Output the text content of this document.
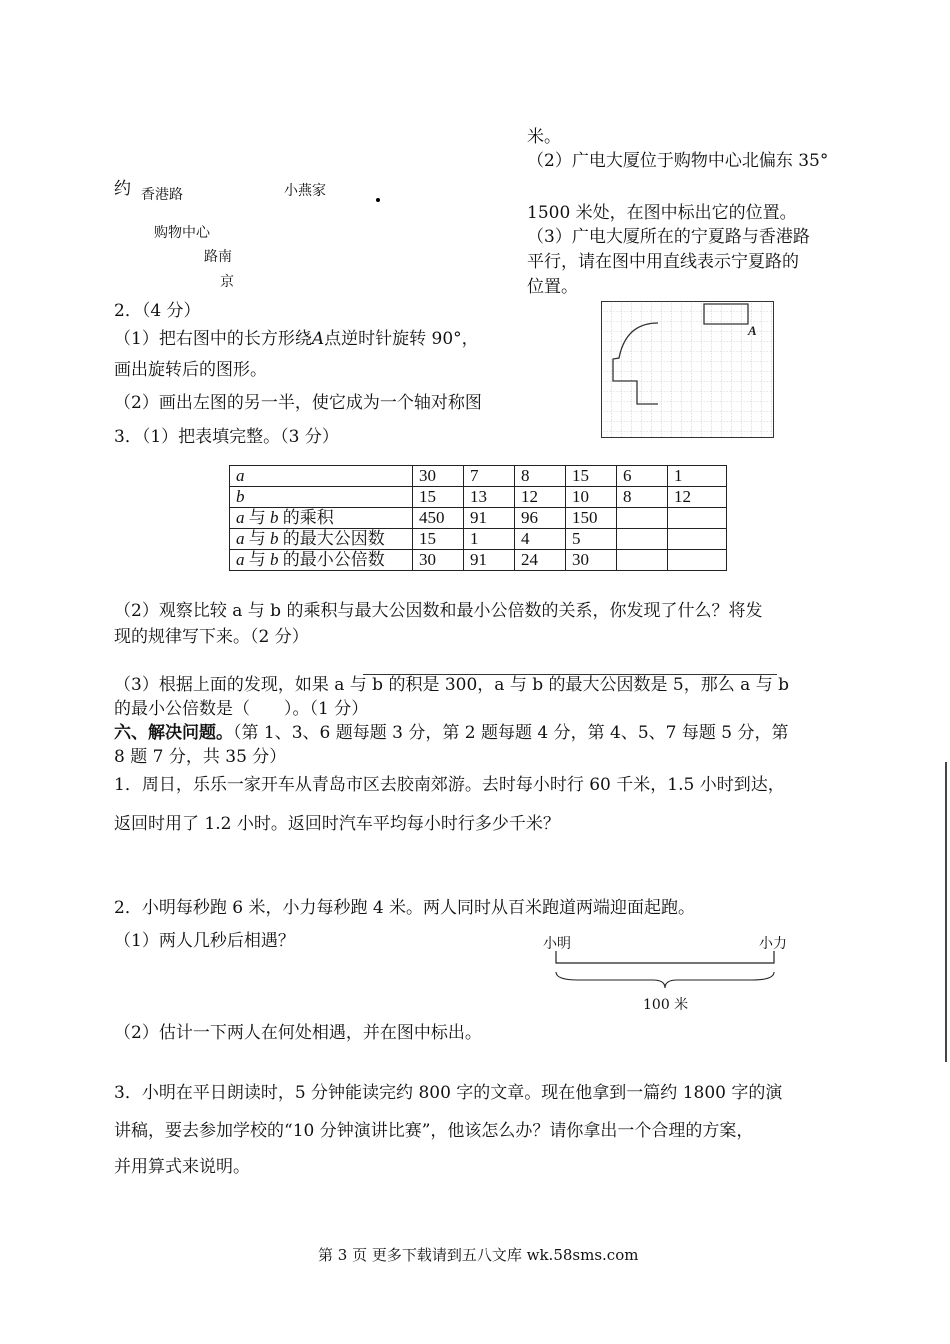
约 香港路	小燕家
购物中心
路南
京
米。
（2）广电大厦位于购物中心北偏东 35°
1500 米处，在图中标出它的位置。
（3）广电大厦所在的宁夏路与香港路
平行，请在图中用直线表示宁夏路的
位置。
2．（4 分）
（1）把右图中的长方形绕A点逆时针旋转 90°，
画出旋转后的图形。
（2）画出左图的另一半，使它成为一个轴对称图
A
3．（1）把表填完整。（3 分）
a	30	7	8	15	6	1
b	15	13	12	10	8	12
a 与 b 的乘积	450	91	96	150		
a 与 b 的最大公因数	15	1	4	5		
a 与 b 的最小公倍数	30	91	24	30		
（2）观察比较 a 与 b 的乘积与最大公因数和最小公倍数的关系，你发现了什么？将发
现的规律写下来。（2 分）
（3）根据上面的发现，如果 a 与 b 的积是 300，a 与 b 的最大公因数是 5，那么 a 与 b
的最小公倍数是（　　）。（1 分）
六、解决问题。（第 1、3、6 题每题 3 分，第 2 题每题 4 分，第 4、5、7 每题 5 分，第
8 题 7 分，共 35 分）
1．周日，乐乐一家开车从青岛市区去胶南郊游。去时每小时行 60 千米，1.5 小时到达，
返回时用了 1.2 小时。返回时汽车平均每小时行多少千米？
2．小明每秒跑 6 米，小力每秒跑 4 米。两人同时从百米跑道两端迎面起跑。
（1）两人几秒后相遇？	小明	小力
100 米
（2）估计一下两人在何处相遇，并在图中标出。
3．小明在平日朗读时，5 分钟能读完约 800 字的文章。现在他拿到一篇约 1800 字的演
讲稿，要去参加学校的“10 分钟演讲比赛”，他该怎么办？请你拿出一个合理的方案，
并用算式来说明。
第 3 页 更多下载请到五八文库 wk.58sms.com
